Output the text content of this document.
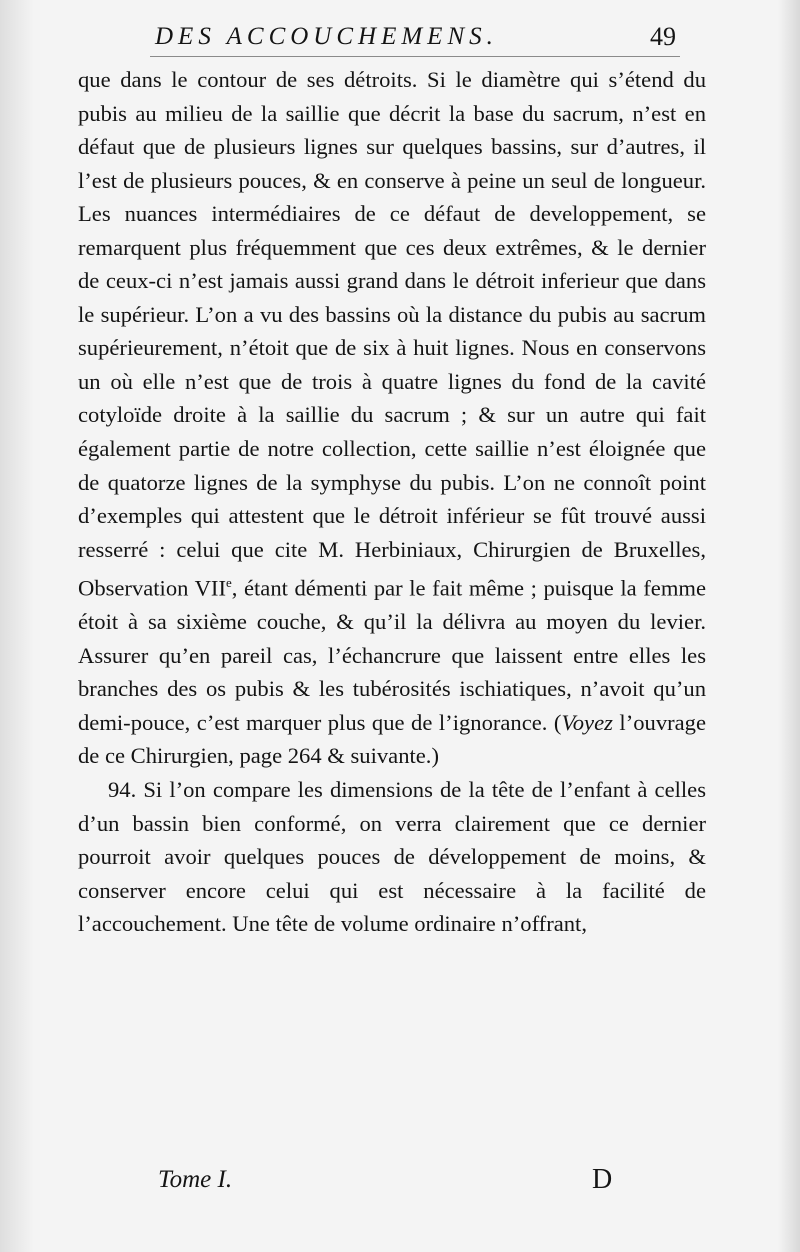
DES ACCOUCHEMENS.	49

que dans le contour de ses détroits. Si le diamètre qui s’étend du pubis au milieu de la saillie que décrit la base du sacrum, n’est en défaut que de plusieurs lignes sur quelques bassins, sur d’autres, il l’est de plusieurs pouces, & en conserve à peine un seul de longueur. Les nuances intermédiaires de ce défaut de developpement, se remarquent plus fréquemment que ces deux extrêmes, & le dernier de ceux-ci n’est jamais aussi grand dans le détroit inferieur que dans le supérieur. L’on a vu des bassins où la distance du pubis au sacrum supérieurement, n’étoit que de six à huit lignes. Nous en conservons un où elle n’est que de trois à quatre lignes du fond de la cavité cotyloïde droite à la saillie du sacrum ; & sur un autre qui fait également partie de notre collection, cette saillie n’est éloignée que de quatorze lignes de la symphyse du pubis. L’on ne connoît point d’exemples qui attestent que le détroit inférieur se fût trouvé aussi resserré : celui que cite M. Herbiniaux, Chirurgien de Bruxelles, Observation VIIe, étant démenti par le fait même ; puisque la femme étoit à sa sixième couche, & qu’il la délivra au moyen du levier. Assurer qu’en pareil cas, l’échancrure que laissent entre elles les branches des os pubis & les tubérosités ischiatiques, n’avoit qu’un demi-pouce, c’est marquer plus que de l’ignorance. (Voyez l’ouvrage de ce Chirurgien, page 264 & suivante.)

94. Si l’on compare les dimensions de la tête de l’enfant à celles d’un bassin bien conformé, on verra clairement que ce dernier pourroit avoir quelques pouces de développement de moins, & conserver encore celui qui est nécessaire à la facilité de l’accouchement. Une tête de volume ordinaire n’offrant,

Tome I.	D
